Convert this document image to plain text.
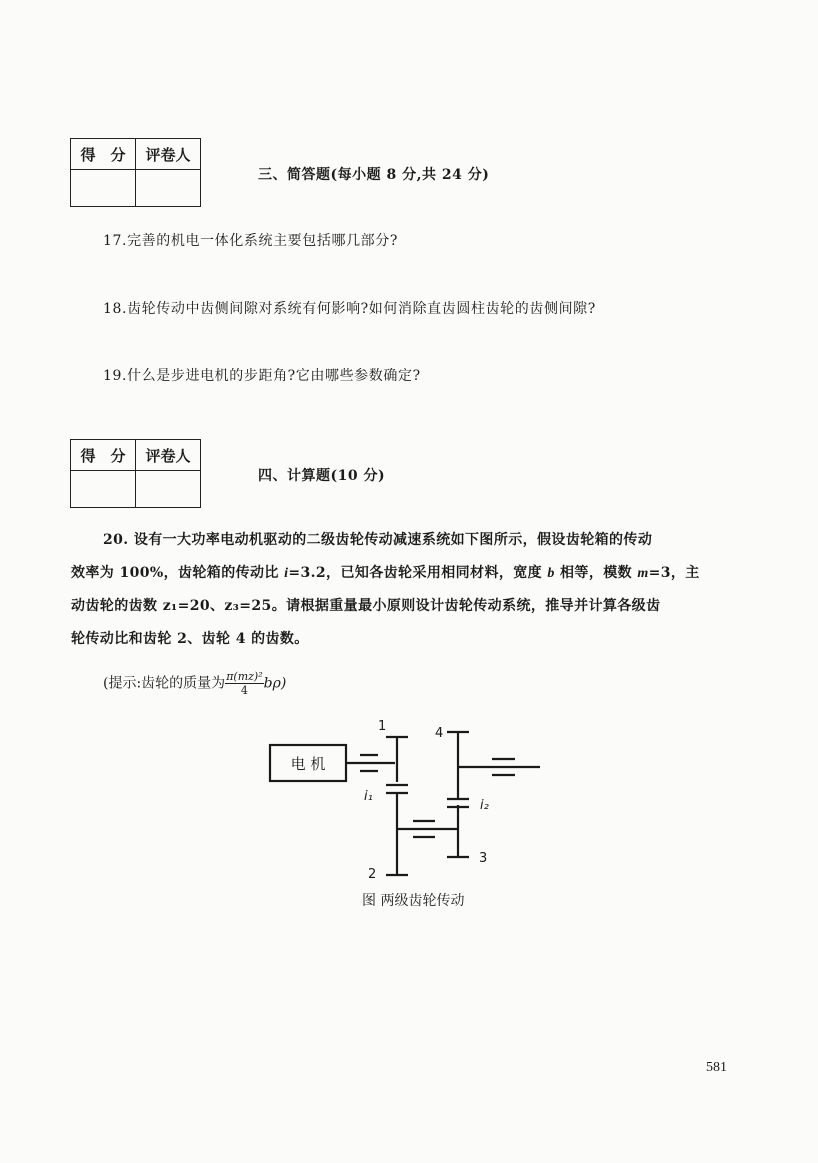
得　分	评卷人

三、简答题(每小题 8 分,共 24 分)
17.完善的机电一体化系统主要包括哪几部分?
18.齿轮传动中齿侧间隙对系统有何影响?如何消除直齿圆柱齿轮的齿侧间隙?
19.什么是步进电机的步距角?它由哪些参数确定?
得　分	评卷人

四、计算题(10 分)
20. 设有一大功率电动机驱动的二级齿轮传动减速系统如下图所示，假设齿轮箱的传动
效率为 100%，齿轮箱的传动比 i=3.2，已知各齿轮采用相同材料，宽度 b 相等，模数 m=3，主
动齿轮的齿数 z₁=20、z₃=25。请根据重量最小原则设计齿轮传动系统，推导并计算各级齿
轮传动比和齿轮 2、齿轮 4 的齿数。
(提示:齿轮的质量为 $\frac{\text{π(mz)²}}{4} b\rho$)
电 机
1
2
3
4
i₁
i₂
图 两级齿轮传动
581
